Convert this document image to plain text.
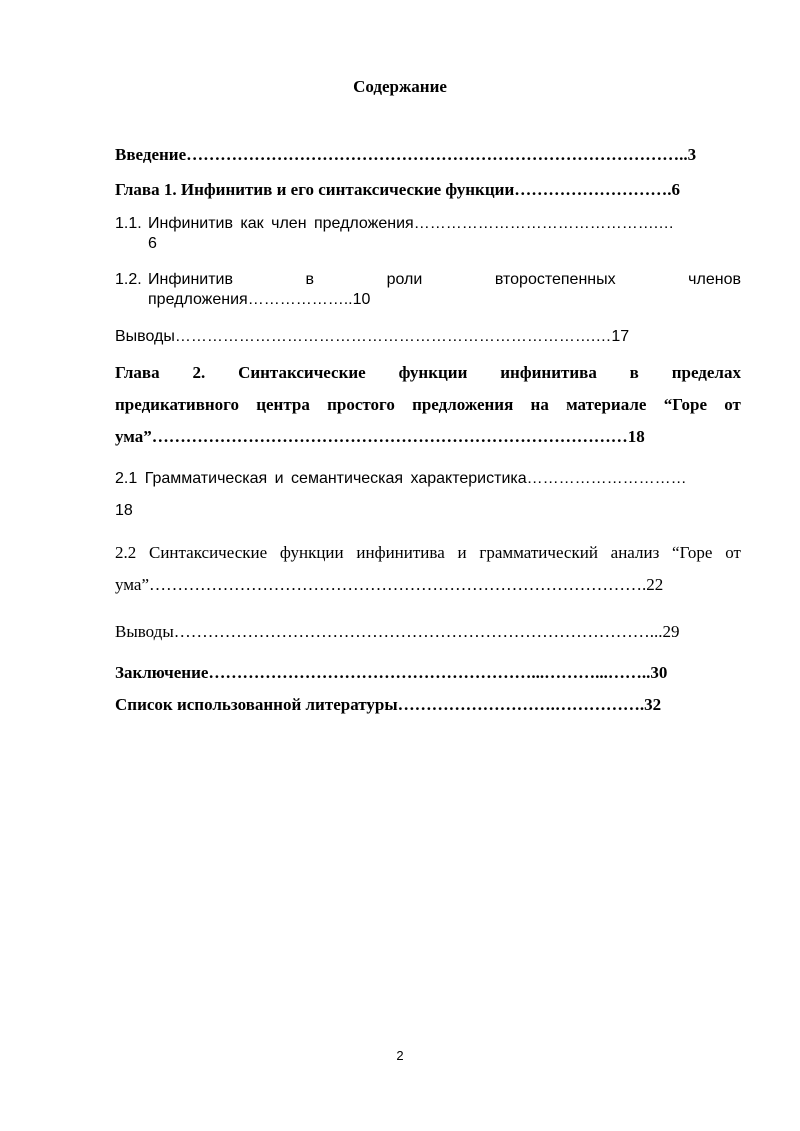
Содержание
Введение……………………………………………………………………………..3
Глава 1. Инфинитив и его синтаксические функции……………………….6
1.1. Инфинитив как член предложения……………………………………….…
6
1.2. Инфинитив	в	роли	второстепенных	членов
предложения………………..10
Выводы…………………………………………………………………….…17
Глава 2. Синтаксические функции инфинитива в пределах
предикативного центра простого предложения на материале “Горе от
ума”…………………………………………………………………………18
2.1 Грамматическая и семантическая характеристика…………………………
18
2.2 Синтаксические функции инфинитива и грамматический анализ “Горе от
ума”…………………………………………………………………………….22
Выводы…………………………………………………………………………...29
Заключение…………………………………………………...………...……..30
Список использованной литературы……………………….…………….32
2
